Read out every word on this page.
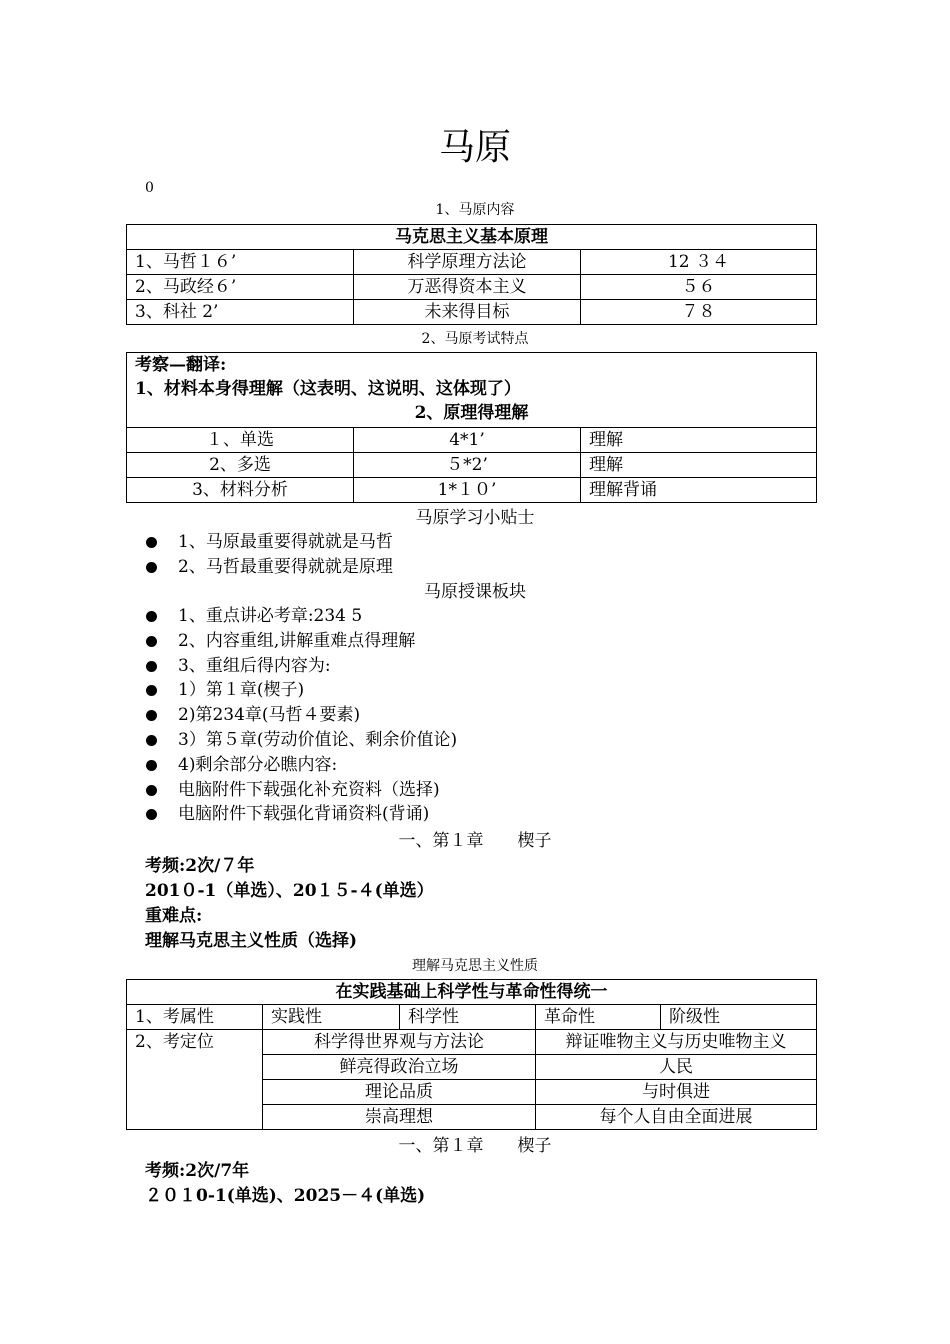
马原
0
1、马原内容
马克思主义基本原理		
1、马哲１６’	科学原理方法论	12 ３４
2、马政经６’	万恶得资本主义	５６
3、科社 2’	未来得目标	７８
2、马原考试特点
考察—翻译:
1、材料本身得理解（这表明、这说明、这体现了）
2、原理得理解		

１、单选	4*1’	理解
2、多选	５*2’	理解
3、材料分析	1*１０’	理解背诵
马原学习小贴士
1、马原最重要得就就是马哲
2、马哲最重要得就就是原理
马原授课板块
1、重点讲必考章:234 5
2、内容重组,讲解重难点得理解
3、重组后得内容为:
1）第１章(楔子)
2)第234章(马哲４要素)
3）第５章(劳动价值论、剩余价值论)
4)剩余部分必瞧内容:
电脑附件下载强化补充资料（选择)
电脑附件下载强化背诵资料(背诵)
一、第１章　　楔子
考频:2次/７年
201０-1（单选）、20１５-４(单选）
重难点:
理解马克思主义性质（选择)
理解马克思主义性质
在实践基础上科学性与革命性得统一				
1、考属性	实践性	科学性	革命性	阶级性
2、考定位	科学得世界观与方法论		辩证唯物主义与历史唯物主义	
	鲜亮得政治立场		人民	
	理论品质		与时俱进	
	崇高理想		每个人自由全面进展	
一、第１章　　楔子
考频:2次/7年
２０１0-1(单选)、2025－４(单选)
